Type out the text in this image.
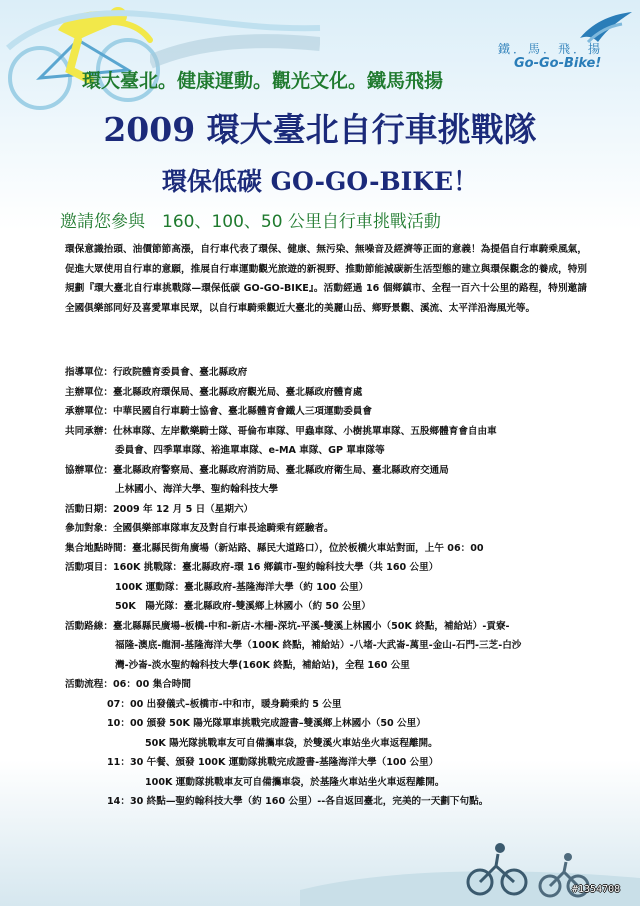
鐵．馬．飛．揚
Go-Go-Bike!
環大臺北。健康運動。觀光文化。鐵馬飛揚
2009 環大臺北自行車挑戰隊
環保低碳 GO-GO-BIKE！
邀請您參與　160、100、50 公里自行車挑戰活動
環保意識抬頭、油價節節高漲，自行車代表了環保、健康、無污染、無噪音及經濟等正面的意義！為提倡自行車騎乘風氣，促進大眾使用自行車的意願，推展自行車運動觀光旅遊的新視野、推動節能減碳新生活型態的建立與環保觀念的養成，特別規劃『環大臺北自行車挑戰隊—環保低碳 GO-GO-BIKE』。活動經過 16 個鄉鎮市、全程一百六十公里的路程，特別邀請全國俱樂部同好及喜愛單車民眾，以自行車騎乘觀近大臺北的美麗山岳、鄉野景觀、溪流、太平洋沿海風光等。
指導單位： 行政院體育委員會、臺北縣政府
主辦單位： 臺北縣政府環保局、臺北縣政府觀光局、臺北縣政府體育處
承辦單位： 中華民國自行車騎士協會、臺北縣體育會鐵人三項運動委員會
共同承辦： 仕林車隊、左岸歡樂騎士隊、哥倫布車隊、甲蟲車隊、小樹挑單車隊、五股鄉體育會自由車
委員會、四季單車隊、裕進單車隊、e-MA 車隊、GP 單車隊等
協辦單位： 臺北縣政府警察局、臺北縣政府消防局、臺北縣政府衛生局、臺北縣政府交通局
上林國小、海洋大學、聖約翰科技大學
活動日期： 2009 年 12 月 5 日（星期六）
參加對象： 全國俱樂部車隊車友及對自行車長途騎乘有經驗者。
集合地點時間： 臺北縣民街角廣場（新站路、縣民大道路口），位於板橋火車站對面，上午 06：00
活動項目： 160K 挑戰隊：臺北縣政府-環 16 鄉鎮市-聖約翰科技大學（共 160 公里）
100K 運動隊：臺北縣政府-基隆海洋大學（約 100 公里）
50K　陽光隊：臺北縣政府-雙溪鄉上林國小（約 50 公里）
活動路線： 臺北縣縣民廣場–板橋-中和-新店-木柵-深坑-平溪-雙溪上林國小（50K 終點，補給站）-貢寮-
福隆-澳底-龍洞-基隆海洋大學（100K 終點，補給站）-八堵-大武崙-萬里-金山-石門-三芝-白沙
灣-沙崙-淡水聖約翰科技大學(160K 終點，補給站)，全程 160 公里
活動流程： 06：00 集合時間
07：00 出發儀式–板橋市-中和市，暖身騎乘約 5 公里
10：00 頒發 50K 陽光隊單車挑戰完成證書–雙溪鄉上林國小（50 公里）
50K 陽光隊挑戰車友可自備攜車袋，於雙溪火車站坐火車返程離開。
11：30 午餐、頒發 100K 運動隊挑戰完成證書-基隆海洋大學（100 公里）
100K 運動隊挑戰車友可自備攜車袋，於基隆火車站坐火車返程離開。
14：30 終點—聖約翰科技大學（約 160 公里）--各自返回臺北，完美的一天劃下句點。
#1354708
